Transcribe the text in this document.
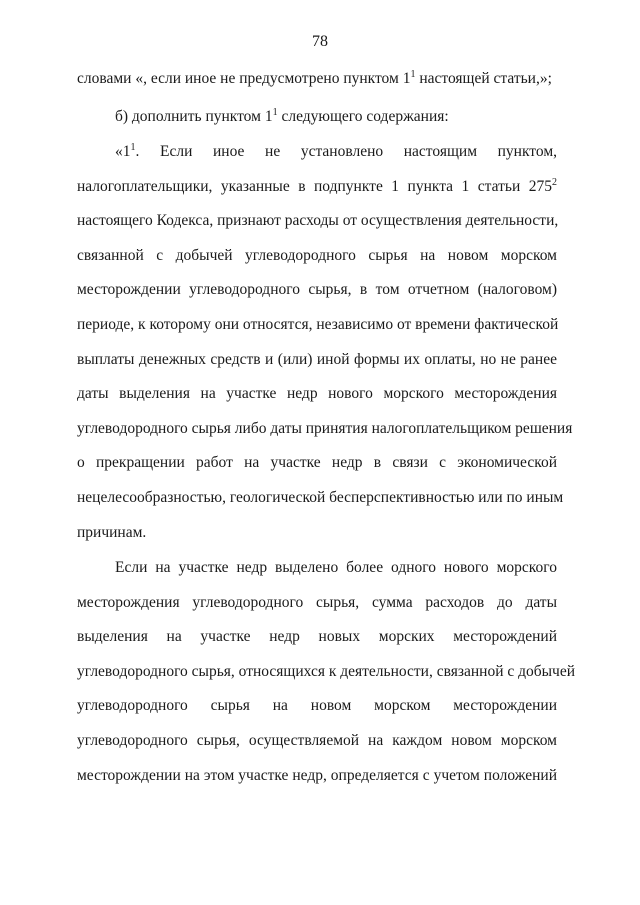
78
словами «, если иное не предусмотрено пунктом $1^1$ настоящей статьи,»;
б) дополнить пунктом $1^1$ следующего содержания:
«$1^1$. Если иное не установлено настоящим пунктом,
налогоплательщики, указанные в подпункте 1 пункта 1 статьи $275^2$
настоящего Кодекса, признают расходы от осуществления деятельности,
связанной с добычей углеводородного сырья на новом морском
месторождении углеводородного сырья, в том отчетном (налоговом)
периоде, к которому они относятся, независимо от времени фактической
выплаты денежных средств и (или) иной формы их оплаты, но не ранее
даты выделения на участке недр нового морского месторождения
углеводородного сырья либо даты принятия налогоплательщиком решения
о прекращении работ на участке недр в связи с экономической
нецелесообразностью, геологической бесперспективностью или по иным
причинам.
Если на участке недр выделено более одного нового морского
месторождения углеводородного сырья, сумма расходов до даты
выделения на участке недр новых морских месторождений
углеводородного сырья, относящихся к деятельности, связанной с добычей
углеводородного сырья на новом морском месторождении
углеводородного сырья, осуществляемой на каждом новом морском
месторождении на этом участке недр, определяется с учетом положений
